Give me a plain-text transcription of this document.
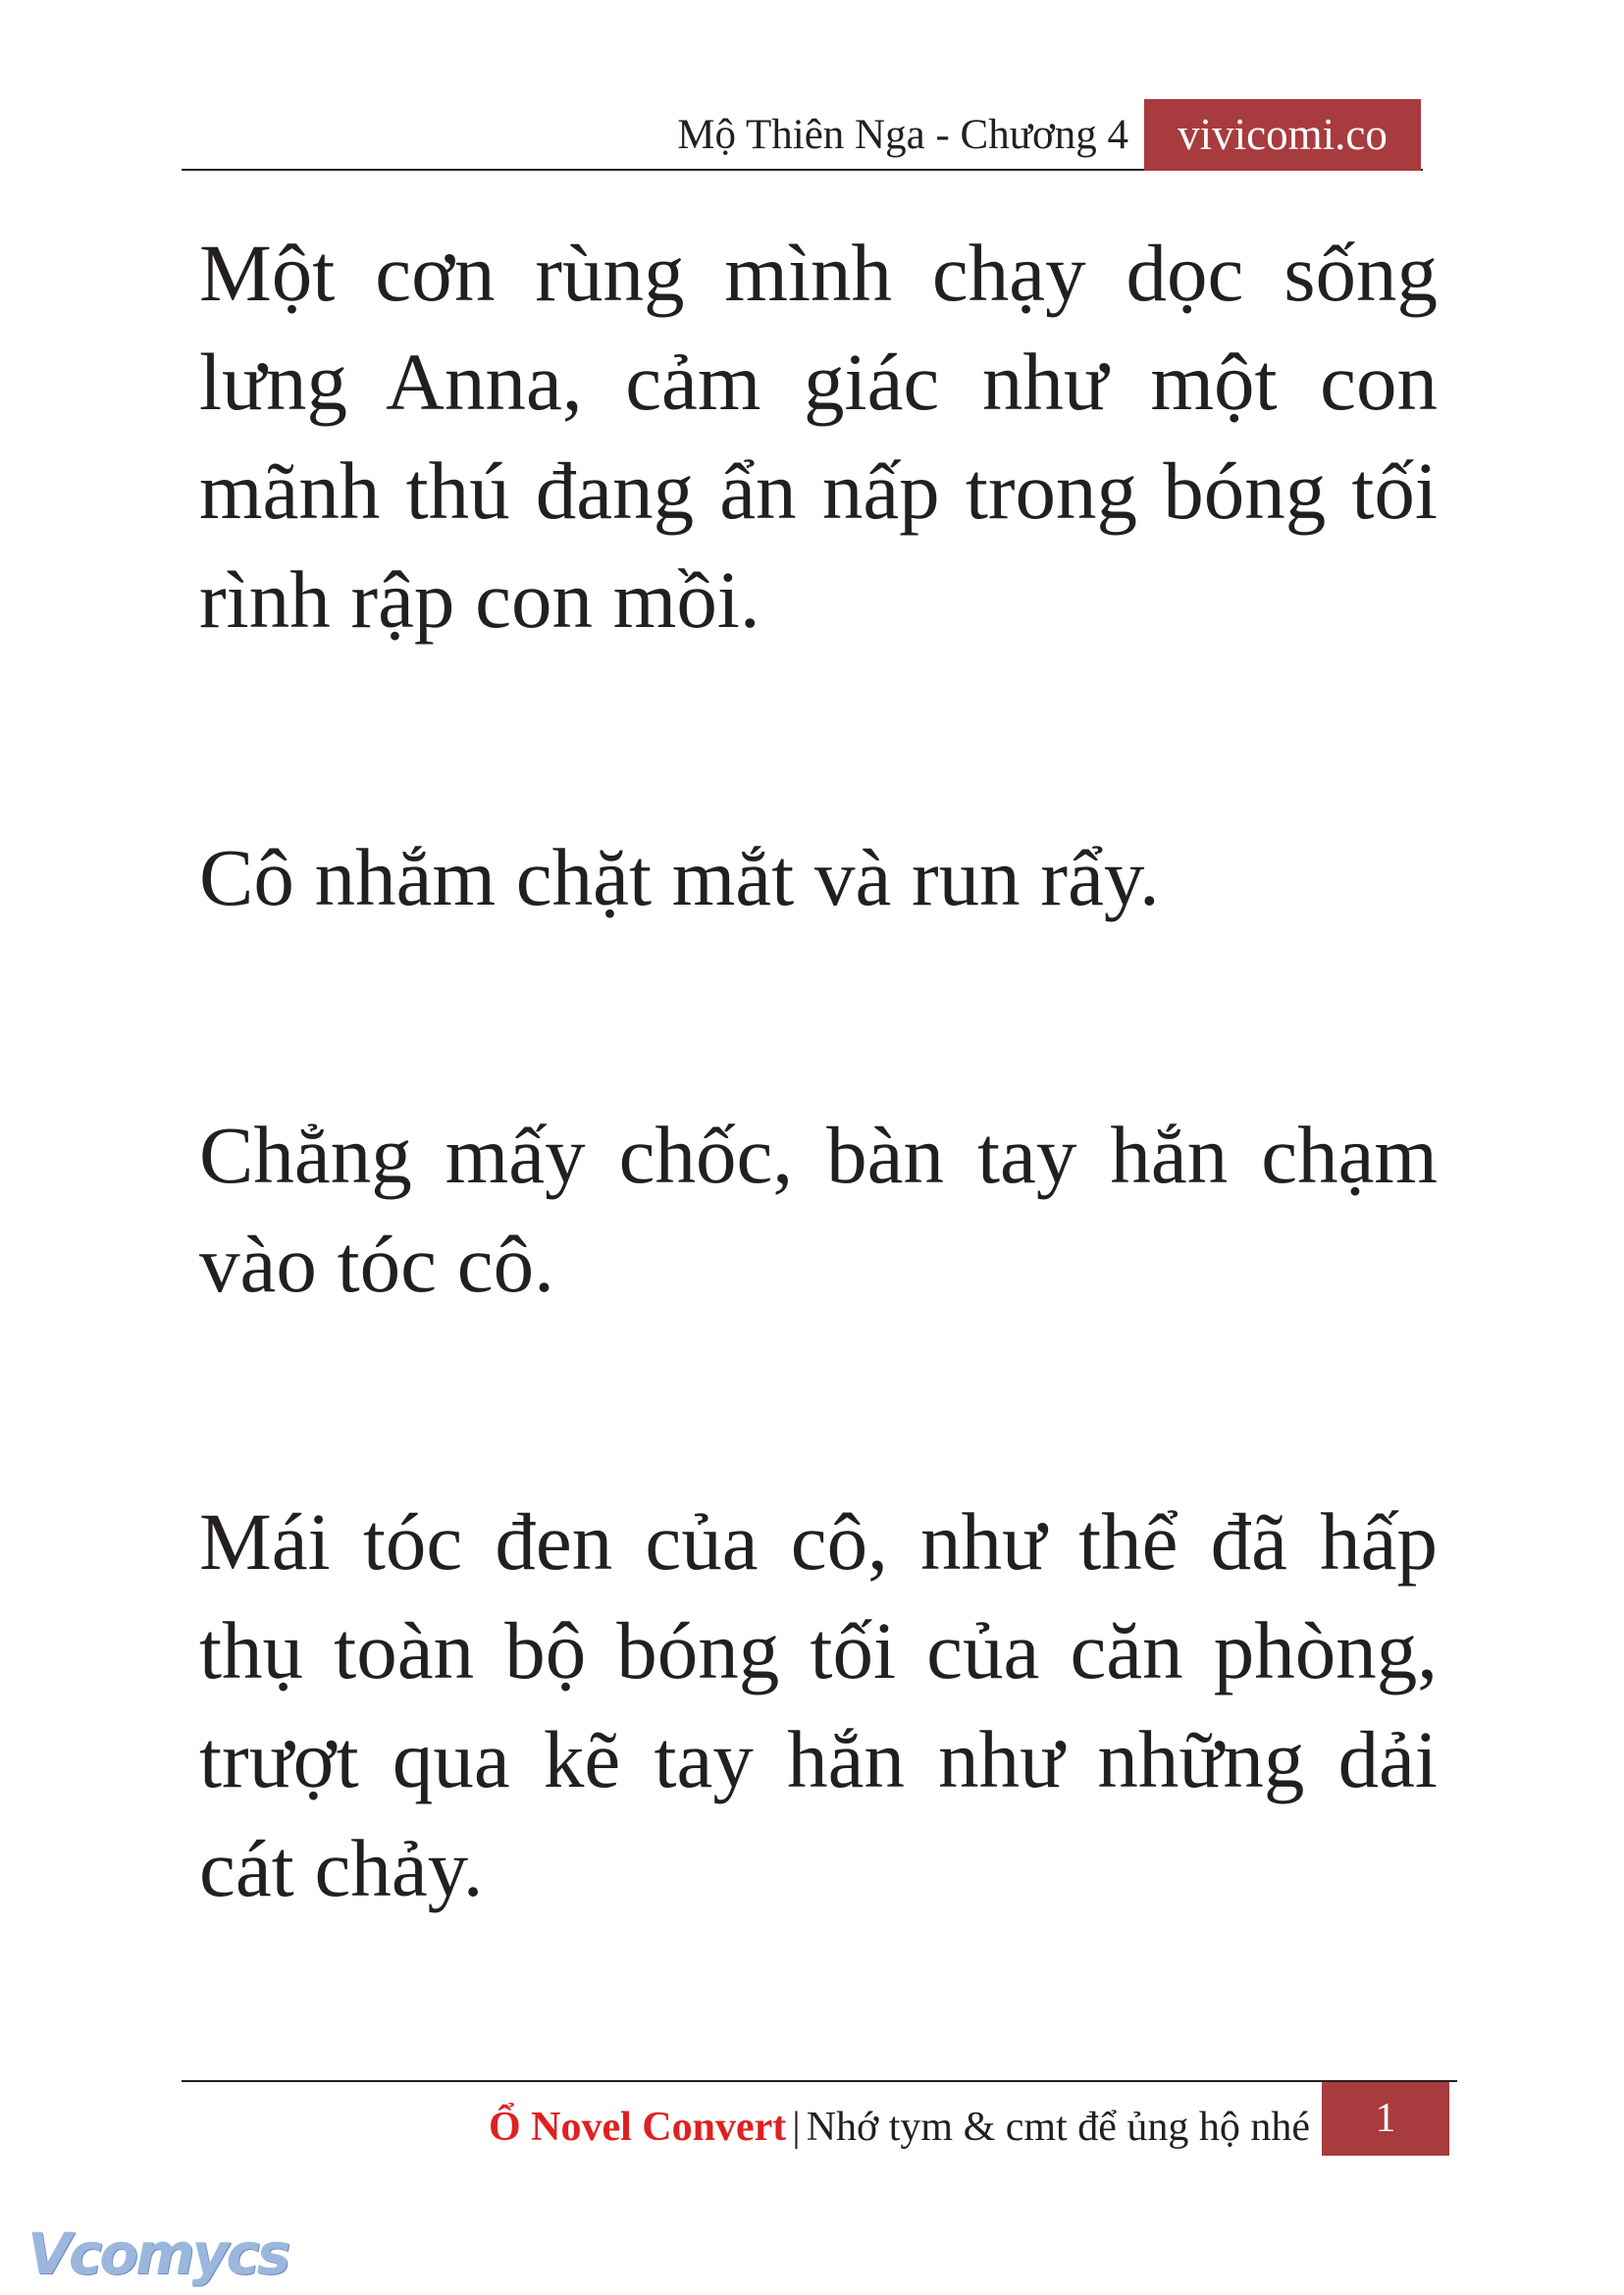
Mộ Thiên Nga - Chương 4	vivicomi.co

Một cơn rùng mình chạy dọc sống lưng Anna, cảm giác như một con mãnh thú đang ẩn nấp trong bóng tối rình rập con mồi.

Cô nhắm chặt mắt và run rẩy.

Chẳng mấy chốc, bàn tay hắn chạm vào tóc cô.

Mái tóc đen của cô, như thể đã hấp thụ toàn bộ bóng tối của căn phòng, trượt qua kẽ tay hắn như những dải cát chảy.

Ổ Novel Convert | Nhớ tym & cmt để ủng hộ nhé	1
Vcomycs
